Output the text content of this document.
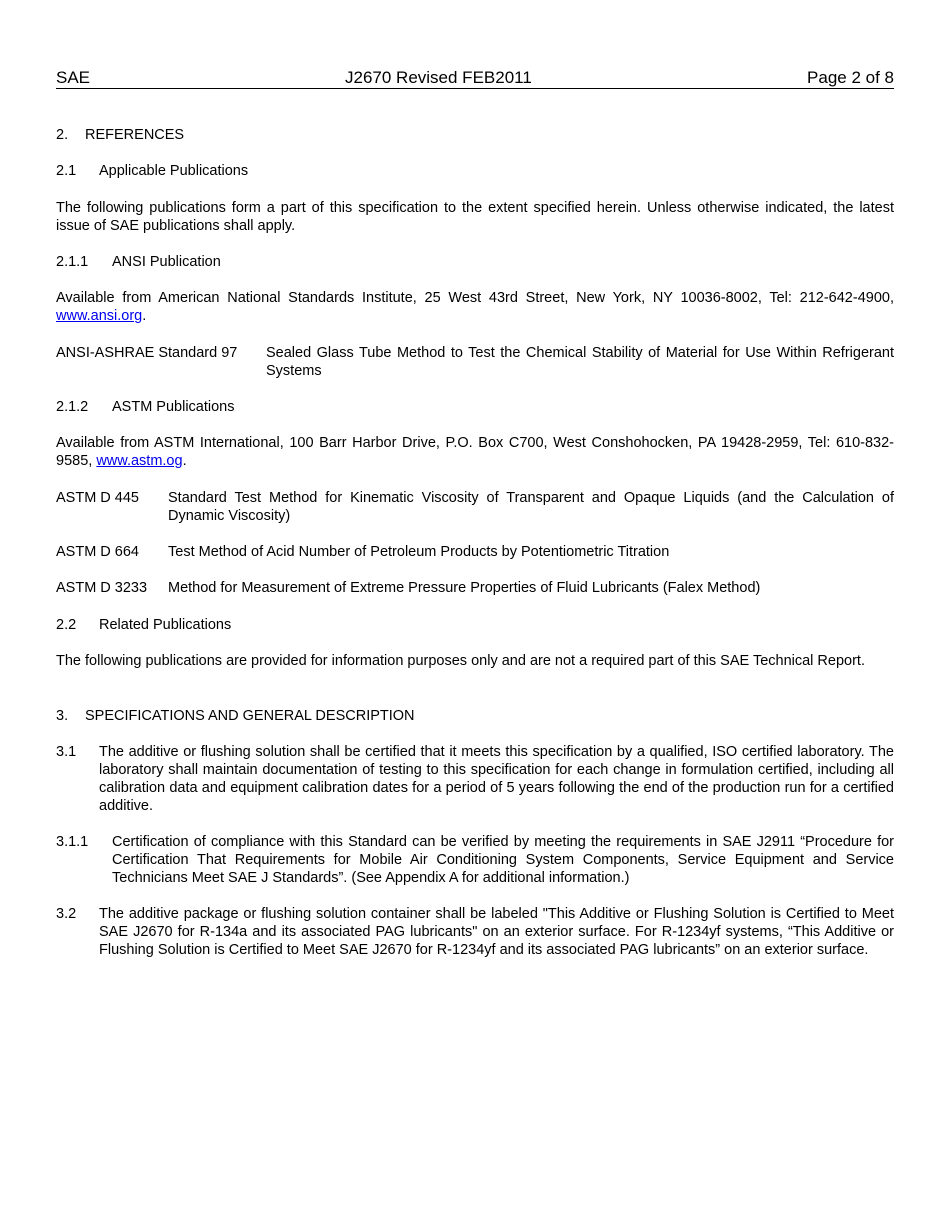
SAE	J2670 Revised FEB2011	Page 2 of 8
2. REFERENCES
2.1 Applicable Publications
The following publications form a part of this specification to the extent specified herein. Unless otherwise indicated, the latest issue of SAE publications shall apply.
2.1.1 ANSI Publication
Available from American National Standards Institute, 25 West 43rd Street, New York, NY 10036-8002, Tel: 212-642-4900, www.ansi.org.
ANSI-ASHRAE Standard 97 Sealed Glass Tube Method to Test the Chemical Stability of Material for Use Within Refrigerant Systems
2.1.2 ASTM Publications
Available from ASTM International, 100 Barr Harbor Drive, P.O. Box C700, West Conshohocken, PA 19428-2959, Tel: 610-832-9585, www.astm.og.
ASTM D 445 Standard Test Method for Kinematic Viscosity of Transparent and Opaque Liquids (and the Calculation of Dynamic Viscosity)
ASTM D 664 Test Method of Acid Number of Petroleum Products by Potentiometric Titration
ASTM D 3233 Method for Measurement of Extreme Pressure Properties of Fluid Lubricants (Falex Method)
2.2 Related Publications
The following publications are provided for information purposes only and are not a required part of this SAE Technical Report.
3. SPECIFICATIONS AND GENERAL DESCRIPTION
3.1 The additive or flushing solution shall be certified that it meets this specification by a qualified, ISO certified laboratory. The laboratory shall maintain documentation of testing to this specification for each change in formulation certified, including all calibration data and equipment calibration dates for a period of 5 years following the end of the production run for a certified additive.
3.1.1 Certification of compliance with this Standard can be verified by meeting the requirements in SAE J2911 “Procedure for Certification That Requirements for Mobile Air Conditioning System Components, Service Equipment and Service Technicians Meet SAE J Standards”. (See Appendix A for additional information.)
3.2 The additive package or flushing solution container shall be labeled "This Additive or Flushing Solution is Certified to Meet SAE J2670 for R-134a and its associated PAG lubricants" on an exterior surface. For R-1234yf systems, “This Additive or Flushing Solution is Certified to Meet SAE J2670 for R-1234yf and its associated PAG lubricants” on an exterior surface.
